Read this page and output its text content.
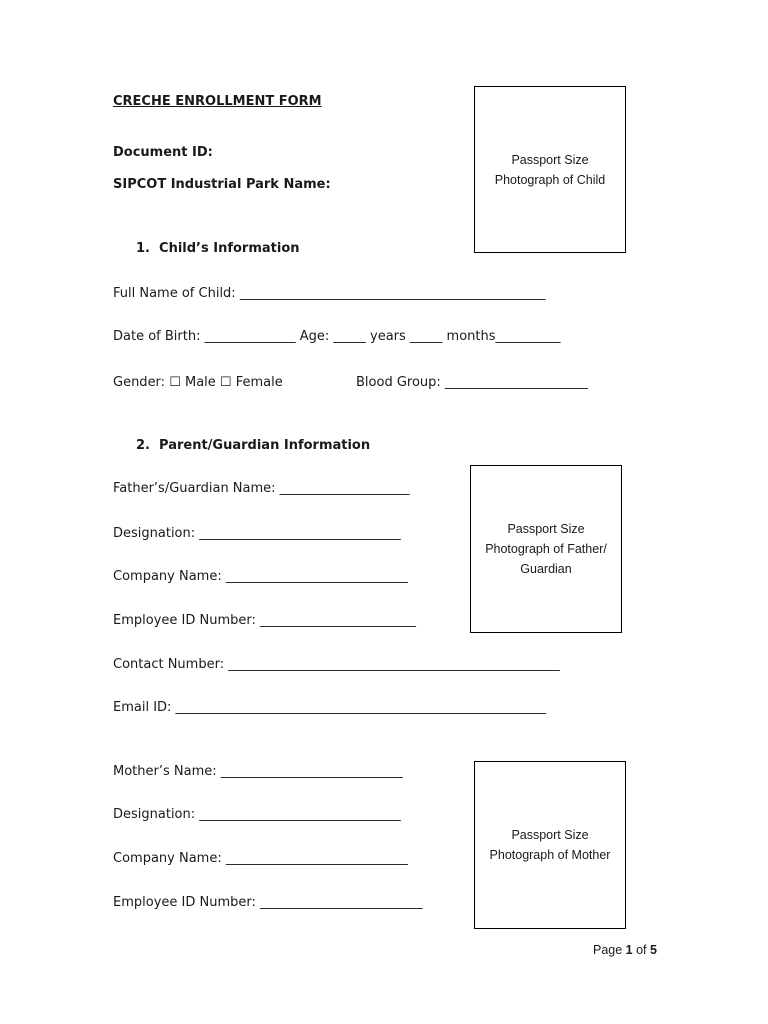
CRECHE ENROLLMENT FORM
Document ID:
SIPCOT Industrial Park Name:
Passport Size
Photograph of Child
1.  Child’s Information
Full Name of Child: _______________________________________________
Date of Birth: ______________ Age: _____ years _____ months__________
Gender: ☐ Male ☐ Female	Blood Group: ______________________
2.  Parent/Guardian Information
Passport Size
Photograph of Father/
Guardian
Father’s/Guardian Name: ____________________
Designation: _______________________________
Company Name: ____________________________
Employee ID Number: ________________________
Contact Number: ___________________________________________________
Email ID: _________________________________________________________
Passport Size
Photograph of Mother
Mother’s Name: ____________________________
Designation: _______________________________
Company Name: ____________________________
Employee ID Number: _________________________
Page 1 of 5
